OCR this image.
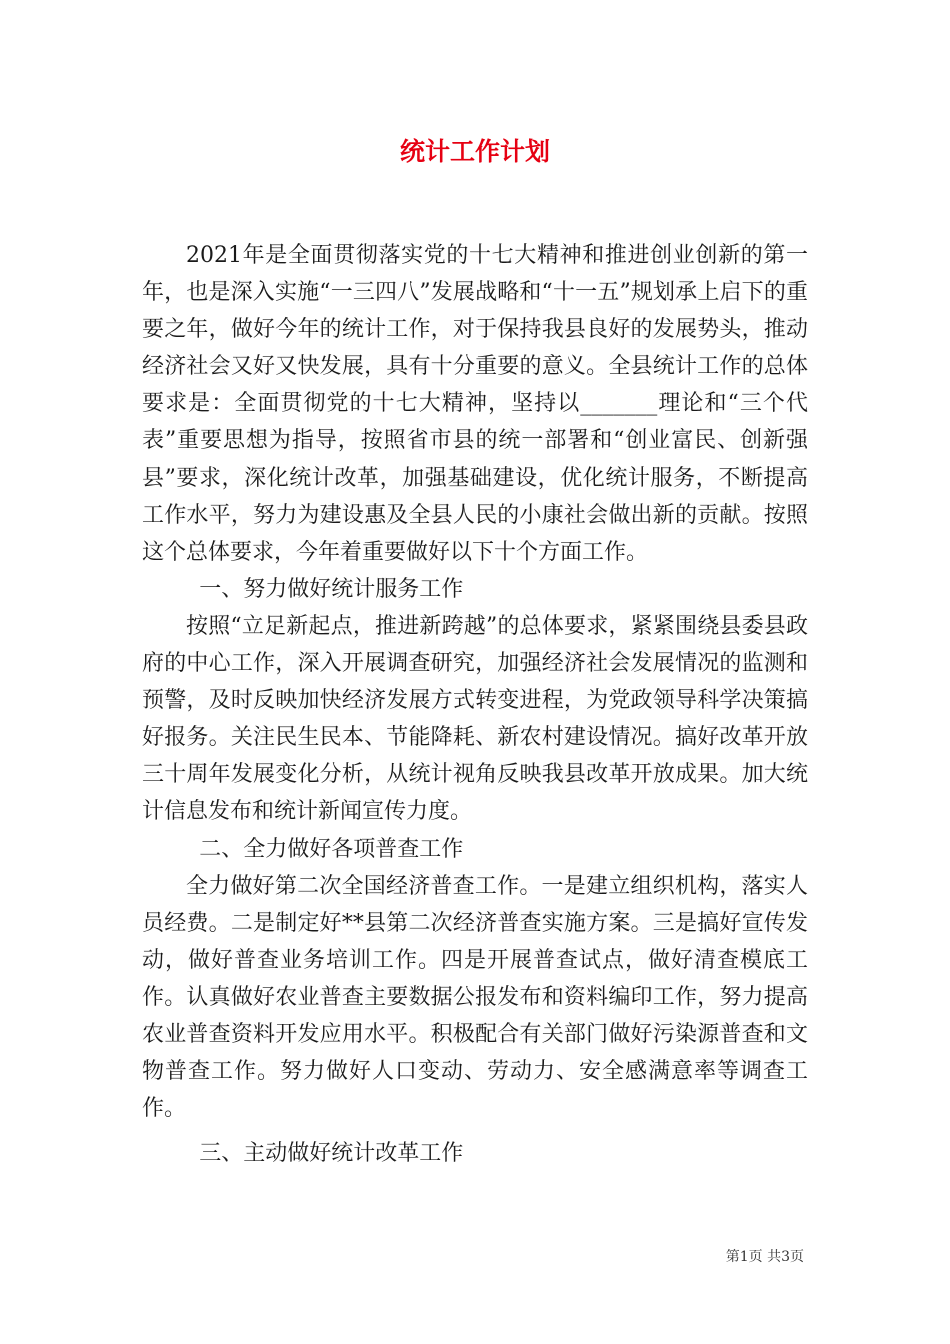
统计工作计划

2021年是全面贯彻落实党的十七大精神和推进创业创新的第一年，也是深入实施“一三四八”发展战略和“十一五”规划承上启下的重要之年，做好今年的统计工作，对于保持我县良好的发展势头，推动经济社会又好又快发展，具有十分重要的意义。全县统计工作的总体要求是：全面贯彻党的十七大精神，坚持以_______理论和“三个代表”重要思想为指导，按照省市县的统一部署和“创业富民、创新强县”要求，深化统计改革，加强基础建设，优化统计服务，不断提高工作水平，努力为建设惠及全县人民的小康社会做出新的贡献。按照这个总体要求，今年着重要做好以下十个方面工作。

一、努力做好统计服务工作

按照“立足新起点，推进新跨越”的总体要求，紧紧围绕县委县政府的中心工作，深入开展调查研究，加强经济社会发展情况的监测和预警，及时反映加快经济发展方式转变进程，为党政领导科学决策搞好报务。关注民生民本、节能降耗、新农村建设情况。搞好改革开放三十周年发展变化分析，从统计视角反映我县改革开放成果。加大统计信息发布和统计新闻宣传力度。

二、全力做好各项普查工作

全力做好第二次全国经济普查工作。一是建立组织机构，落实人员经费。二是制定好**县第二次经济普查实施方案。三是搞好宣传发动，做好普查业务培训工作。四是开展普查试点，做好清查模底工作。认真做好农业普查主要数据公报发布和资料编印工作，努力提高农业普查资料开发应用水平。积极配合有关部门做好污染源普查和文物普查工作。努力做好人口变动、劳动力、安全感满意率等调查工作。

三、主动做好统计改革工作

第1页 共3页
